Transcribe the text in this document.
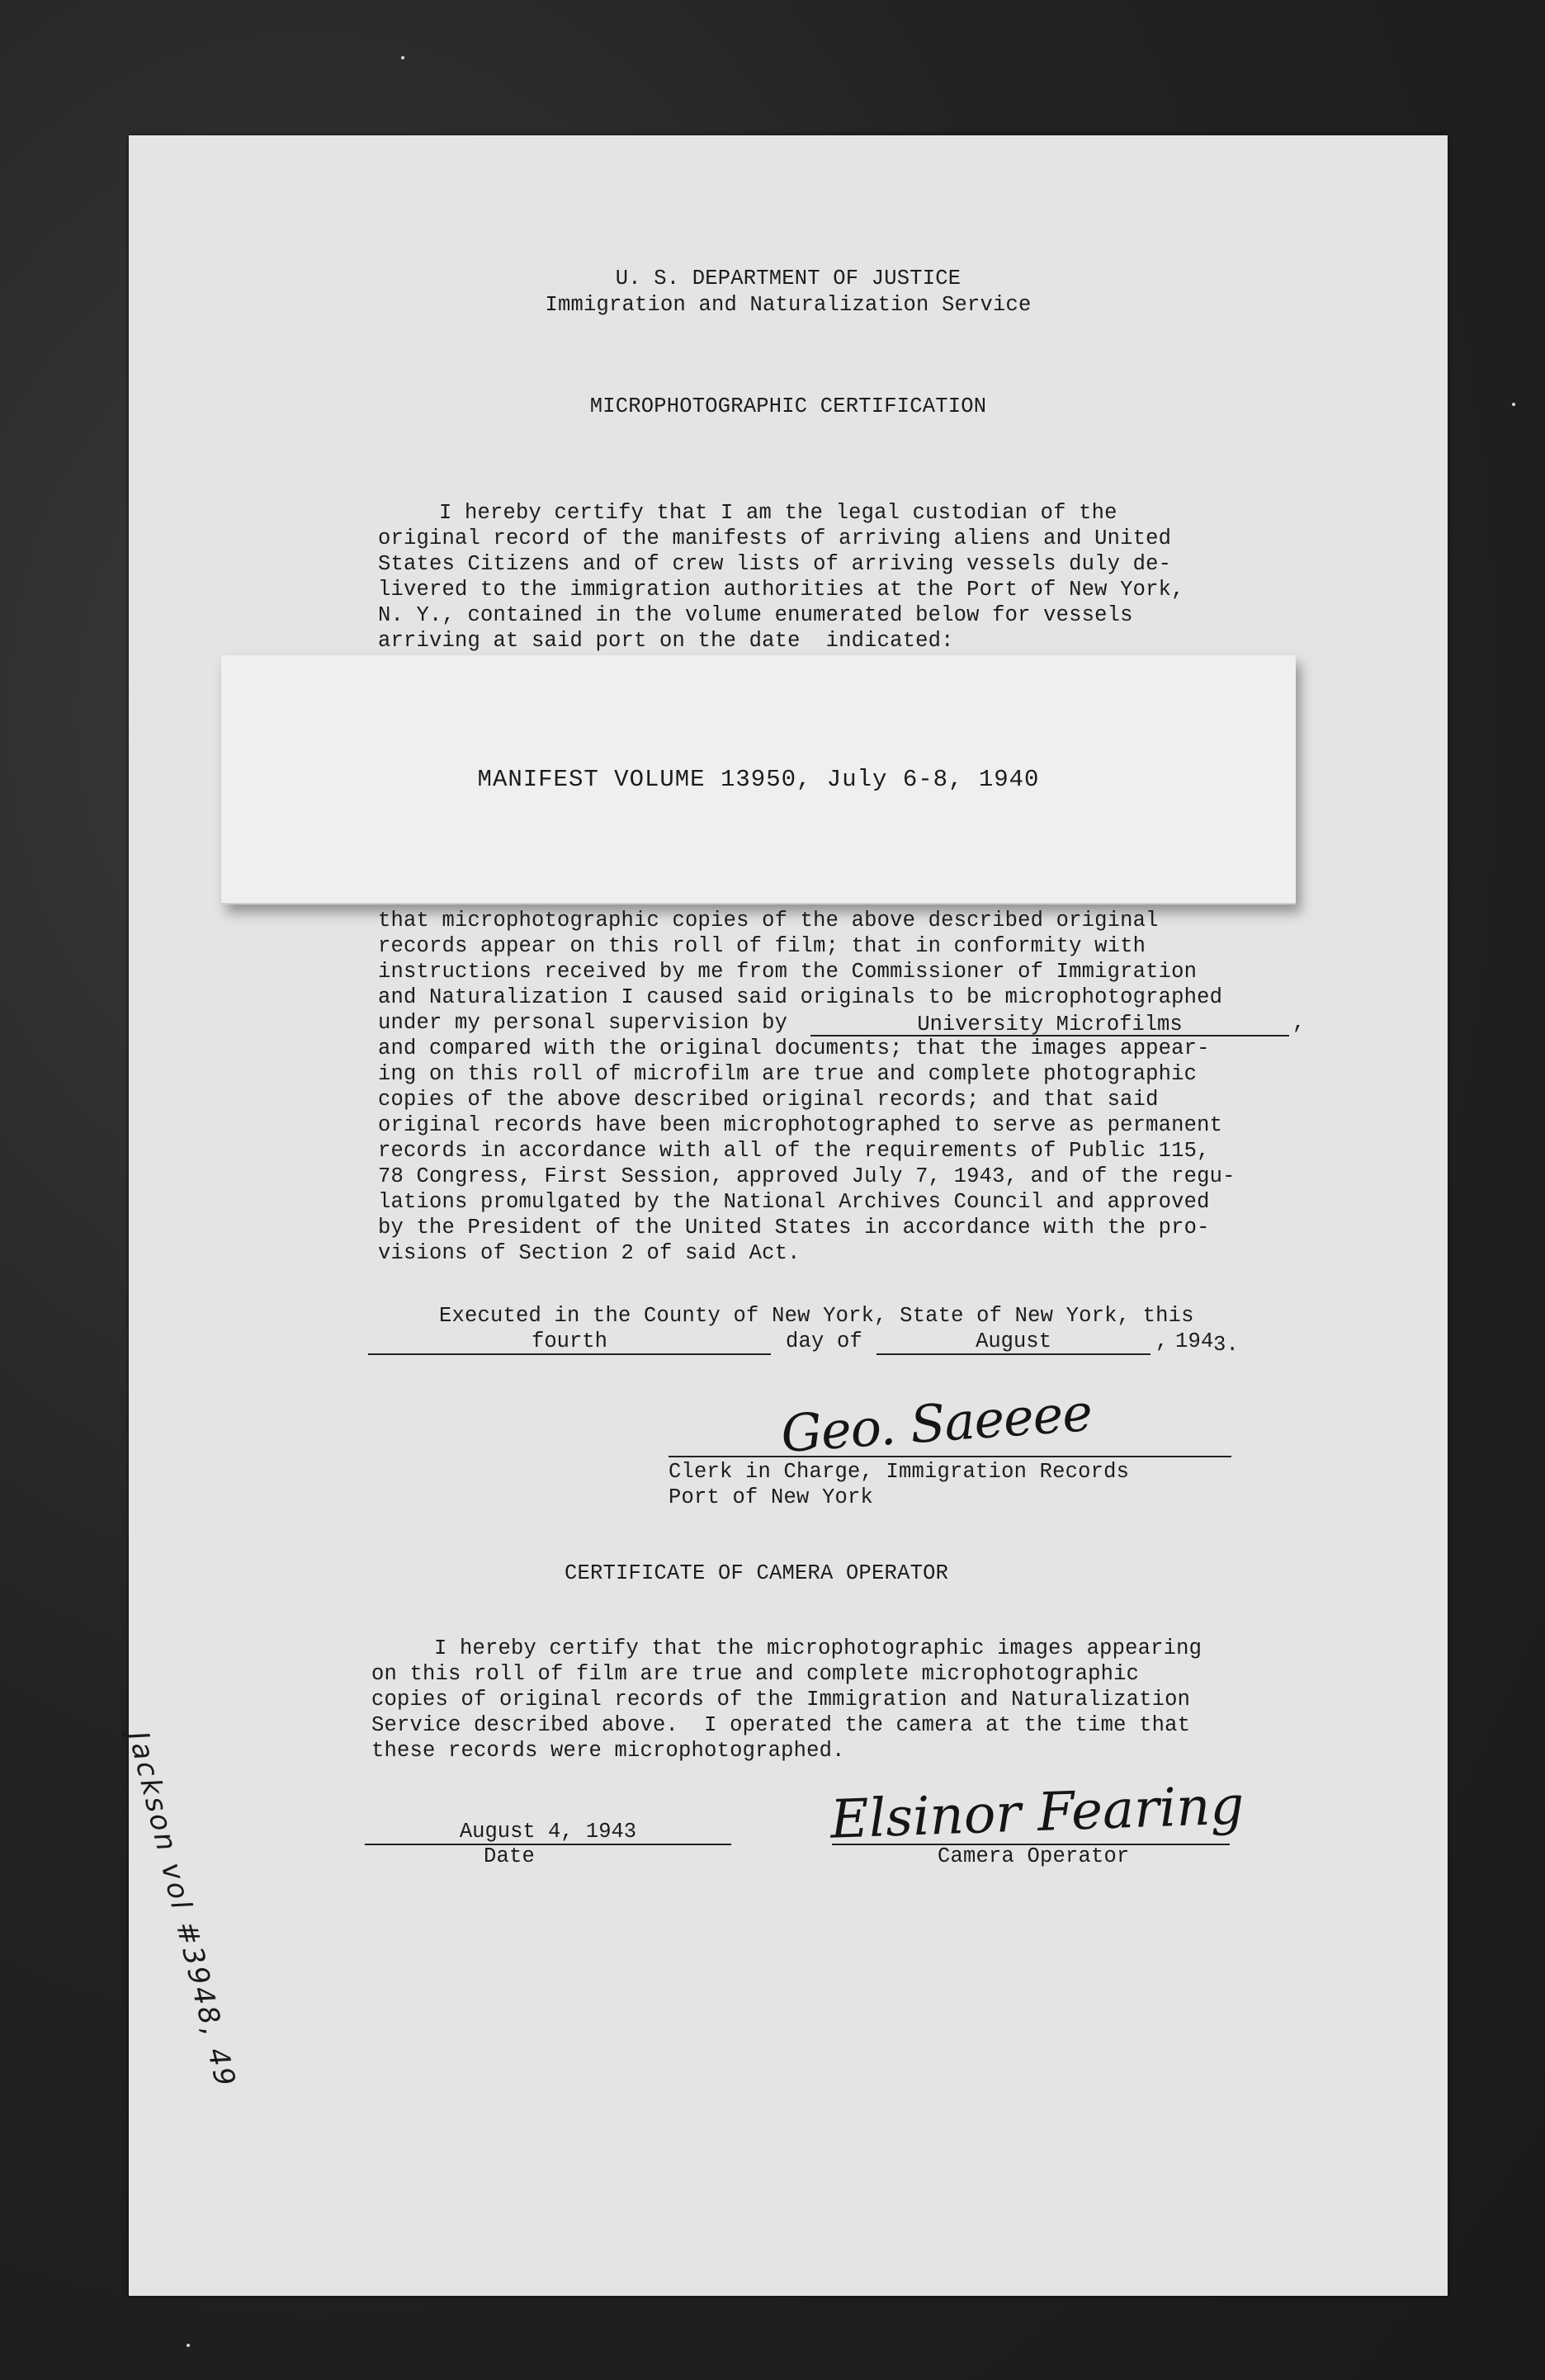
U. S. DEPARTMENT OF JUSTICE
Immigration and Naturalization Service
MICROPHOTOGRAPHIC CERTIFICATION
I hereby certify that I am the legal custodian of the
original record of the manifests of arriving aliens and United
States Citizens and of crew lists of arriving vessels duly de-
livered to the immigration authorities at the Port of New York,
N. Y., contained in the volume enumerated below for vessels
arriving at said port on the date  indicated:
MANIFEST VOLUME 13950, July 6-8, 1940
that microphotographic copies of the above described original
records appear on this roll of film; that in conformity with
instructions received by me from the Commissioner of Immigration
and Naturalization I caused said originals to be microphotographed
under my personal supervision by	University Microfilms	,
and compared with the original documents; that the images appear-
ing on this roll of microfilm are true and complete photographic
copies of the above described original records; and that said
original records have been microphotographed to serve as permanent
records in accordance with all of the requirements of Public 115,
78 Congress, First Session, approved July 7, 1943, and of the regu-
lations promulgated by the National Archives Council and approved
by the President of the United States in accordance with the pro-
visions of Section 2 of said Act.
Executed in the County of New York, State of New York, this
fourth	day of	August	, 194 3.
Geo. Saeeee
Clerk in Charge, Immigration Records
Port of New York
CERTIFICATE OF CAMERA OPERATOR
I hereby certify that the microphotographic images appearing
on this roll of film are true and complete microphotographic
copies of original records of the Immigration and Naturalization
Service described above.  I operated the camera at the time that
these records were microphotographed.
August 4, 1943
Date
Elsinor Fearing
Camera Operator
Jackson vol #3948, 49
